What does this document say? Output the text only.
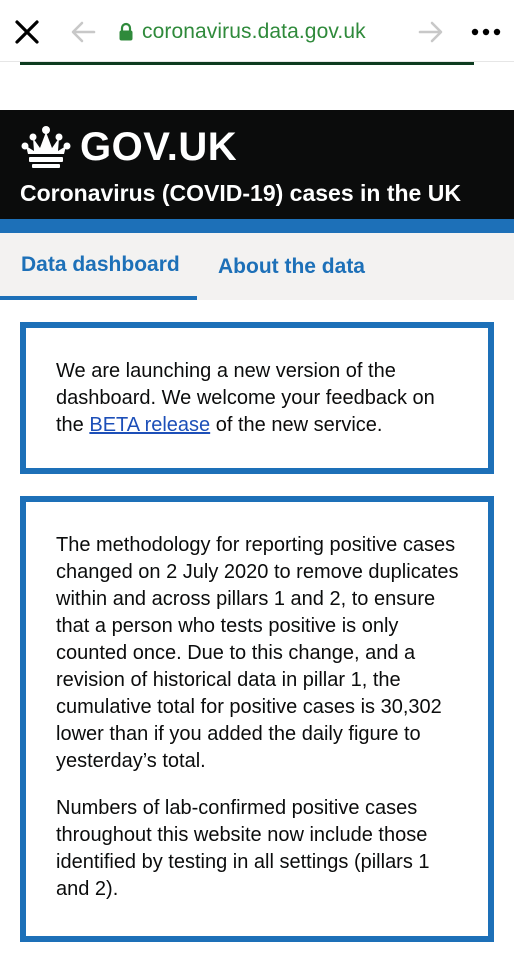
coronavirus.data.gov.uk
GOV.UK
Coronavirus (COVID-19) cases in the UK
Data dashboard	About the data

We are launching a new version of the dashboard. We welcome your feedback on the BETA release of the new service.

The methodology for reporting positive cases changed on 2 July 2020 to remove duplicates within and across pillars 1 and 2, to ensure that a person who tests positive is only counted once. Due to this change, and a revision of historical data in pillar 1, the cumulative total for positive cases is 30,302 lower than if you added the daily figure to yesterday’s total.

Numbers of lab-confirmed positive cases throughout this website now include those identified by testing in all settings (pillars 1 and 2).
